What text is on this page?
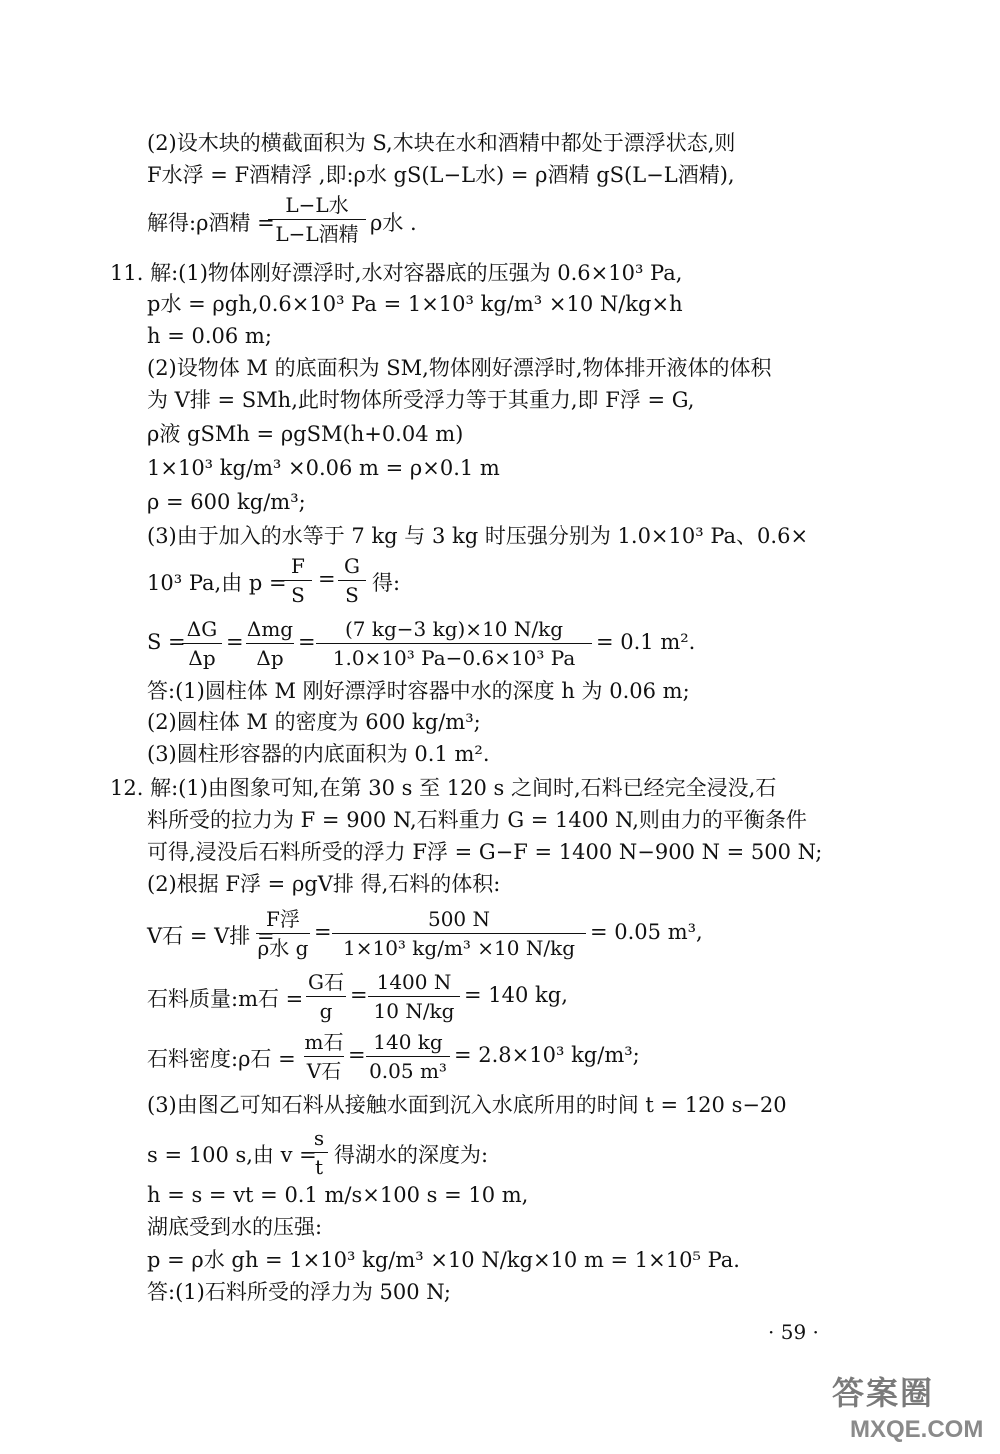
(2)设木块的横截面积为 S,木块在水和酒精中都处于漂浮状态,则
F水浮 = F酒精浮 ,即:ρ水 gS(L−L水) = ρ酒精 gS(L−L酒精),
解得:ρ酒精 =
L−L水
L−L酒精 ρ水 .
11. 解:(1)物体刚好漂浮时,水对容器底的压强为 0.6×10³ Pa,
p水 = ρgh,0.6×10³ Pa = 1×10³ kg/m³ ×10 N/kg×h
h = 0.06 m;
(2)设物体 M 的底面积为 SM,物体刚好漂浮时,物体排开液体的体积
为 V排 = SMh,此时物体所受浮力等于其重力,即 F浮 = G,
ρ液 gSMh = ρgSM(h+0.04 m)
1×10³ kg/m³ ×0.06 m = ρ×0.1 m
ρ = 600 kg/m³;
(3)由于加入的水等于 7 kg 与 3 kg 时压强分别为 1.0×10³ Pa、0.6×
10³ Pa,由 p =
F
S
=
G
S 得:
S =
ΔG
Δp
=
Δmg
Δp
=
(7 kg−3 kg)×10 N/kg
1.0×10³ Pa−0.6×10³ Pa
= 0.1 m².
答:(1)圆柱体 M 刚好漂浮时容器中水的深度 h 为 0.06 m;
(2)圆柱体 M 的密度为 600 kg/m³;
(3)圆柱形容器的内底面积为 0.1 m².
12. 解:(1)由图象可知,在第 30 s 至 120 s 之间时,石料已经完全浸没,石
料所受的拉力为 F = 900 N,石料重力 G = 1400 N,则由力的平衡条件
可得,浸没后石料所受的浮力 F浮 = G−F = 1400 N−900 N = 500 N;
(2)根据 F浮 = ρgV排 得,石料的体积:
V石 = V排 =
F浮
ρ水 g
=
500 N
1×10³ kg/m³ ×10 N/kg
= 0.05 m³,
石料质量:m石 =
G石
g
=
1400 N
10 N/kg
= 140 kg,
石料密度:ρ石 =
m石
V石
=
140 kg
0.05 m³
= 2.8×10³ kg/m³;
(3)由图乙可知石料从接触水面到沉入水底所用的时间 t = 120 s−20
s = 100 s,由 v =
s
t 得湖水的深度为:
h = s = vt = 0.1 m/s×100 s = 10 m,
湖底受到水的压强:
p = ρ水 gh = 1×10³ kg/m³ ×10 N/kg×10 m = 1×10⁵ Pa.
答:(1)石料所受的浮力为 500 N;
· 59 ·
答案圈
MXQE.COM
